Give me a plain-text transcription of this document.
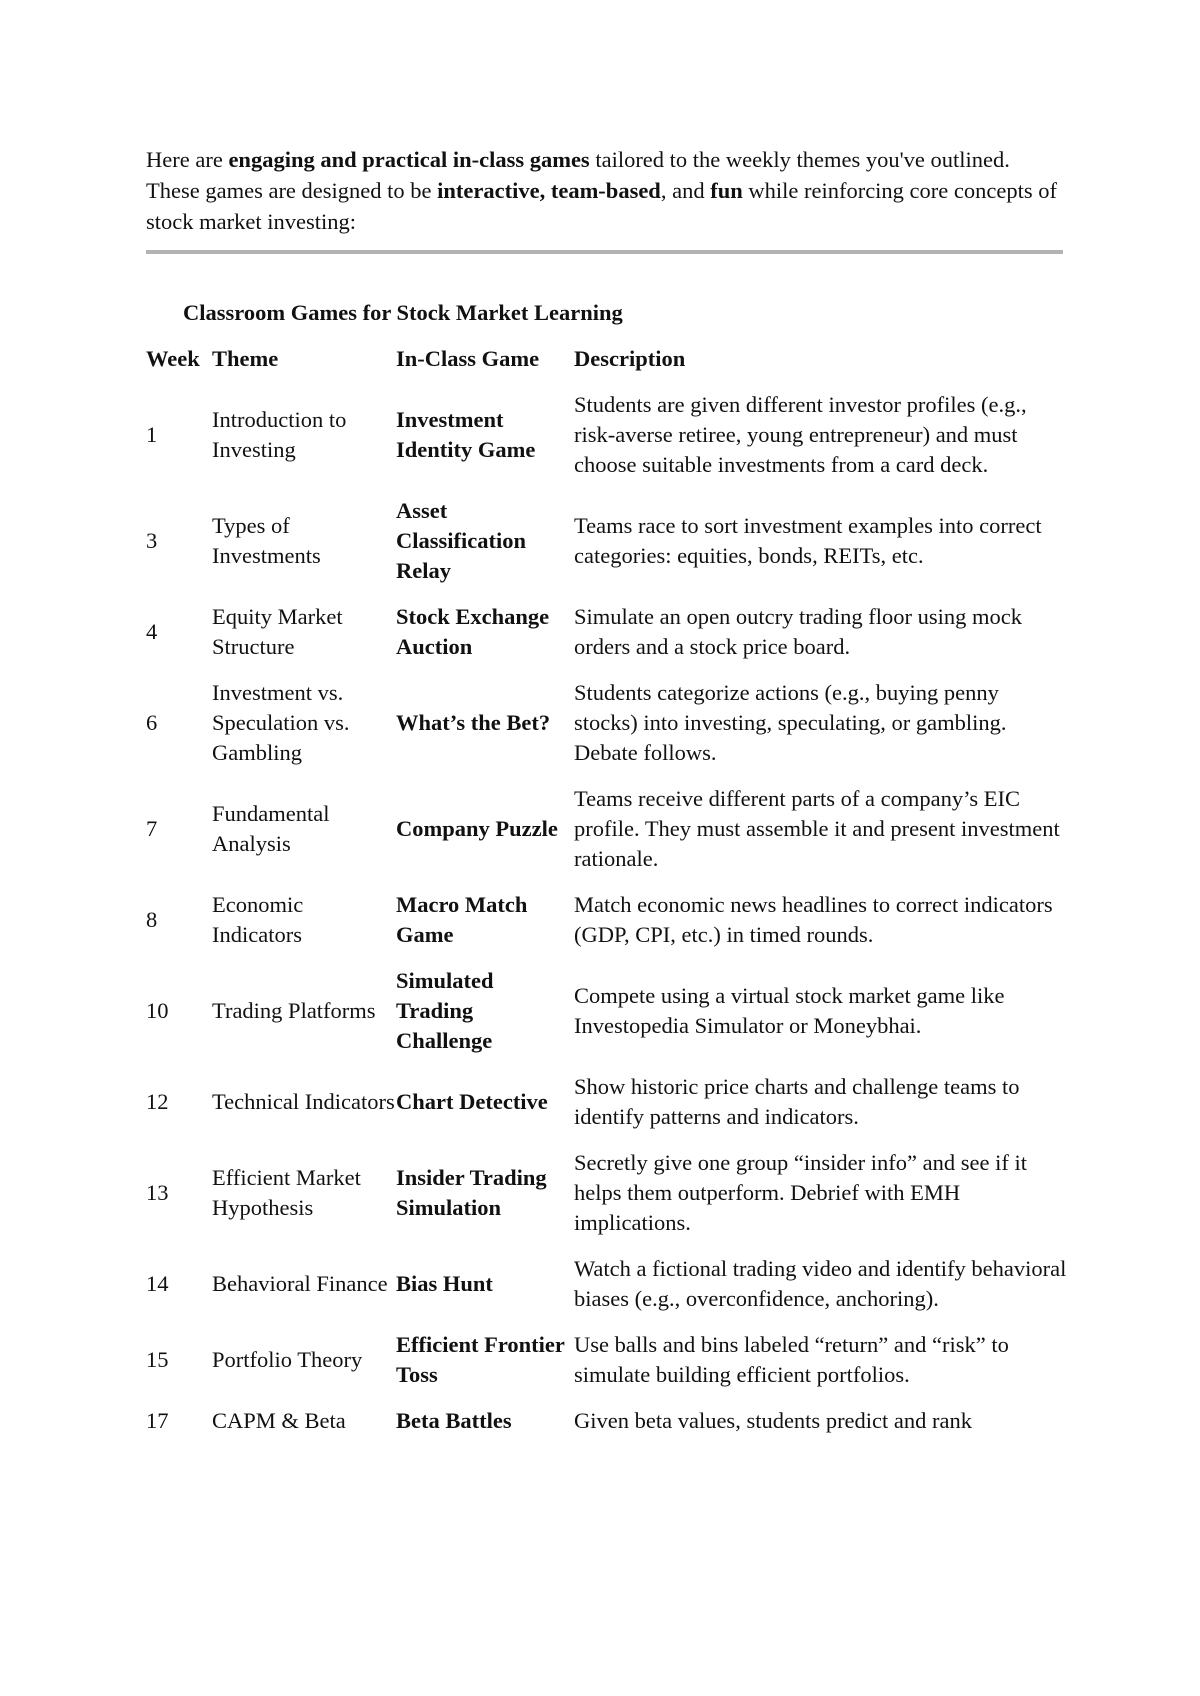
Here are engaging and practical in-class games tailored to the weekly themes you've outlined. These games are designed to be interactive, team-based, and fun while reinforcing core concepts of stock market investing:

Classroom Games for Stock Market Learning
Week	Theme	In-Class Game	Description
1	Introduction to Investing	Investment Identity Game	Students are given different investor profiles (e.g., risk-averse retiree, young entrepreneur) and must choose suitable investments from a card deck.
3	Types of Investments	Asset Classification Relay	Teams race to sort investment examples into correct categories: equities, bonds, REITs, etc.
4	Equity Market Structure	Stock Exchange Auction	Simulate an open outcry trading floor using mock orders and a stock price board.
6	Investment vs. Speculation vs. Gambling	What’s the Bet?	Students categorize actions (e.g., buying penny stocks) into investing, speculating, or gambling. Debate follows.
7	Fundamental Analysis	Company Puzzle	Teams receive different parts of a company’s EIC profile. They must assemble it and present investment rationale.
8	Economic Indicators	Macro Match Game	Match economic news headlines to correct indicators (GDP, CPI, etc.) in timed rounds.
10	Trading Platforms	Simulated Trading Challenge	Compete using a virtual stock market game like Investopedia Simulator or Moneybhai.
12	Technical Indicators	Chart Detective	Show historic price charts and challenge teams to identify patterns and indicators.
13	Efficient Market Hypothesis	Insider Trading Simulation	Secretly give one group “insider info” and see if it helps them outperform. Debrief with EMH implications.
14	Behavioral Finance	Bias Hunt	Watch a fictional trading video and identify behavioral biases (e.g., overconfidence, anchoring).
15	Portfolio Theory	Efficient Frontier Toss	Use balls and bins labeled “return” and “risk” to simulate building efficient portfolios.
17	CAPM & Beta	Beta Battles	Given beta values, students predict and rank
